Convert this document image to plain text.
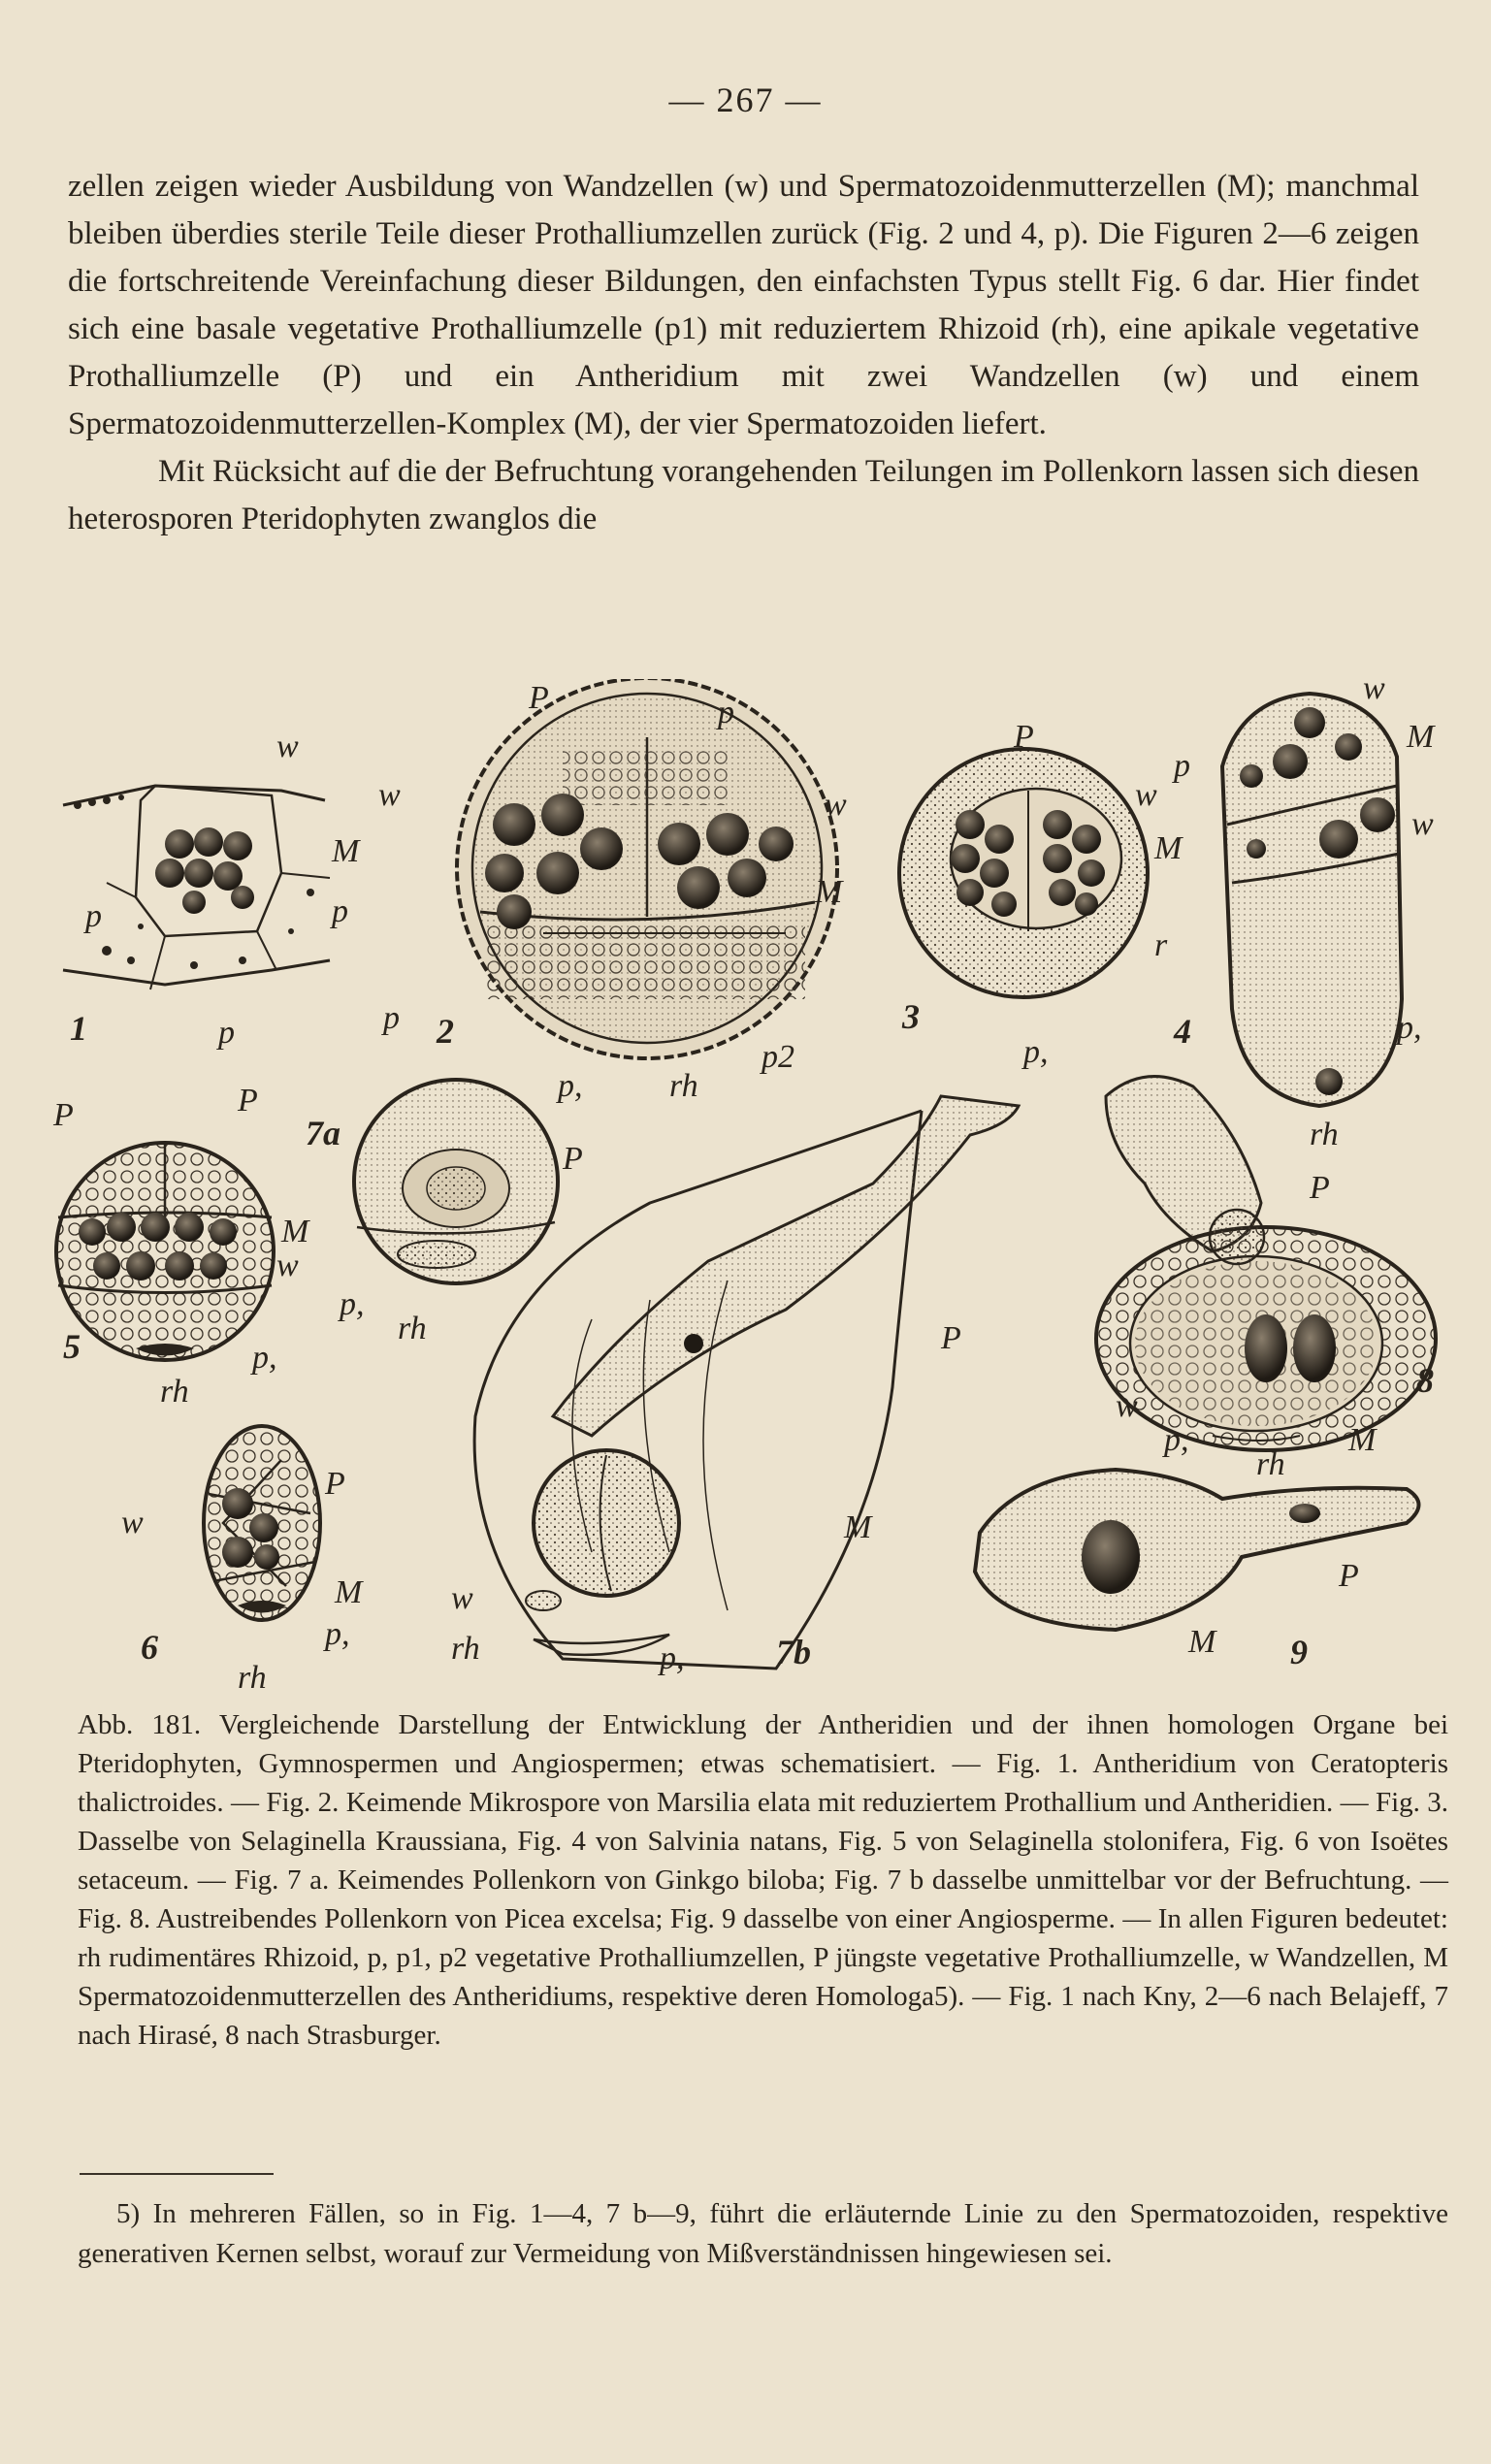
— 267 —

zellen zeigen wieder Ausbildung von Wandzellen (w) und Spermatozoidenmutterzellen (M); manchmal bleiben überdies sterile Teile dieser Prothalliumzellen zurück (Fig. 2 und 4, p). Die Figuren 2—6 zeigen die fortschreitende Vereinfachung dieser Bildungen, den einfachsten Typus stellt Fig. 6 dar. Hier findet sich eine basale vegetative Prothalliumzelle (p1) mit reduziertem Rhizoid (rh), eine apikale vegetative Prothalliumzelle (P) und ein Antheridium mit zwei Wandzellen (w) und einem Spermatozoidenmutterzellen-Komplex (M), der vier Spermatozoiden liefert.

Mit Rücksicht auf die der Befruchtung vorangehenden Teilungen im Pollenkorn lassen sich diesen heterosporen Pteridophyten zwanglos die

w
M
p	p
p
1
P	p
w	w
M
p
p,	rh
p2
2
P
w
M
r
p,
3
w
M
p
w
p,
rh
4
P	P
M
w
p,
rh
5
7a
P
p,
rh	P
M
w
rh	p,	7b
P
w
M
p,
rh
6
P
w
p,	M
rh
8
P
M 9

Abb. 181. Vergleichende Darstellung der Entwicklung der Antheridien und der ihnen homologen Organe bei Pteridophyten, Gymnospermen und Angiospermen; etwas schematisiert. — Fig. 1. Antheridium von Ceratopteris thalictroides. — Fig. 2. Keimende Mikrospore von Marsilia elata mit reduziertem Prothallium und Antheridien. — Fig. 3. Dasselbe von Selaginella Kraussiana, Fig. 4 von Salvinia natans, Fig. 5 von Selaginella stolonifera, Fig. 6 von Isoëtes setaceum. — Fig. 7 a. Keimendes Pollenkorn von Ginkgo biloba; Fig. 7 b dasselbe unmittelbar vor der Befruchtung. — Fig. 8. Austreibendes Pollenkorn von Picea excelsa; Fig. 9 dasselbe von einer Angiosperme. — In allen Figuren bedeutet: rh rudimentäres Rhizoid, p, p1, p2 vegetative Prothalliumzellen, P jüngste vegetative Prothalliumzelle, w Wandzellen, M Spermatozoidenmutterzellen des Antheridiums, respektive deren Homologa5). — Fig. 1 nach Kny, 2—6 nach Belajeff, 7 nach Hirasé, 8 nach Strasburger.

5) In mehreren Fällen, so in Fig. 1—4, 7 b—9, führt die erläuternde Linie zu den Spermatozoiden, respektive generativen Kernen selbst, worauf zur Vermeidung von Mißverständnissen hingewiesen sei.
